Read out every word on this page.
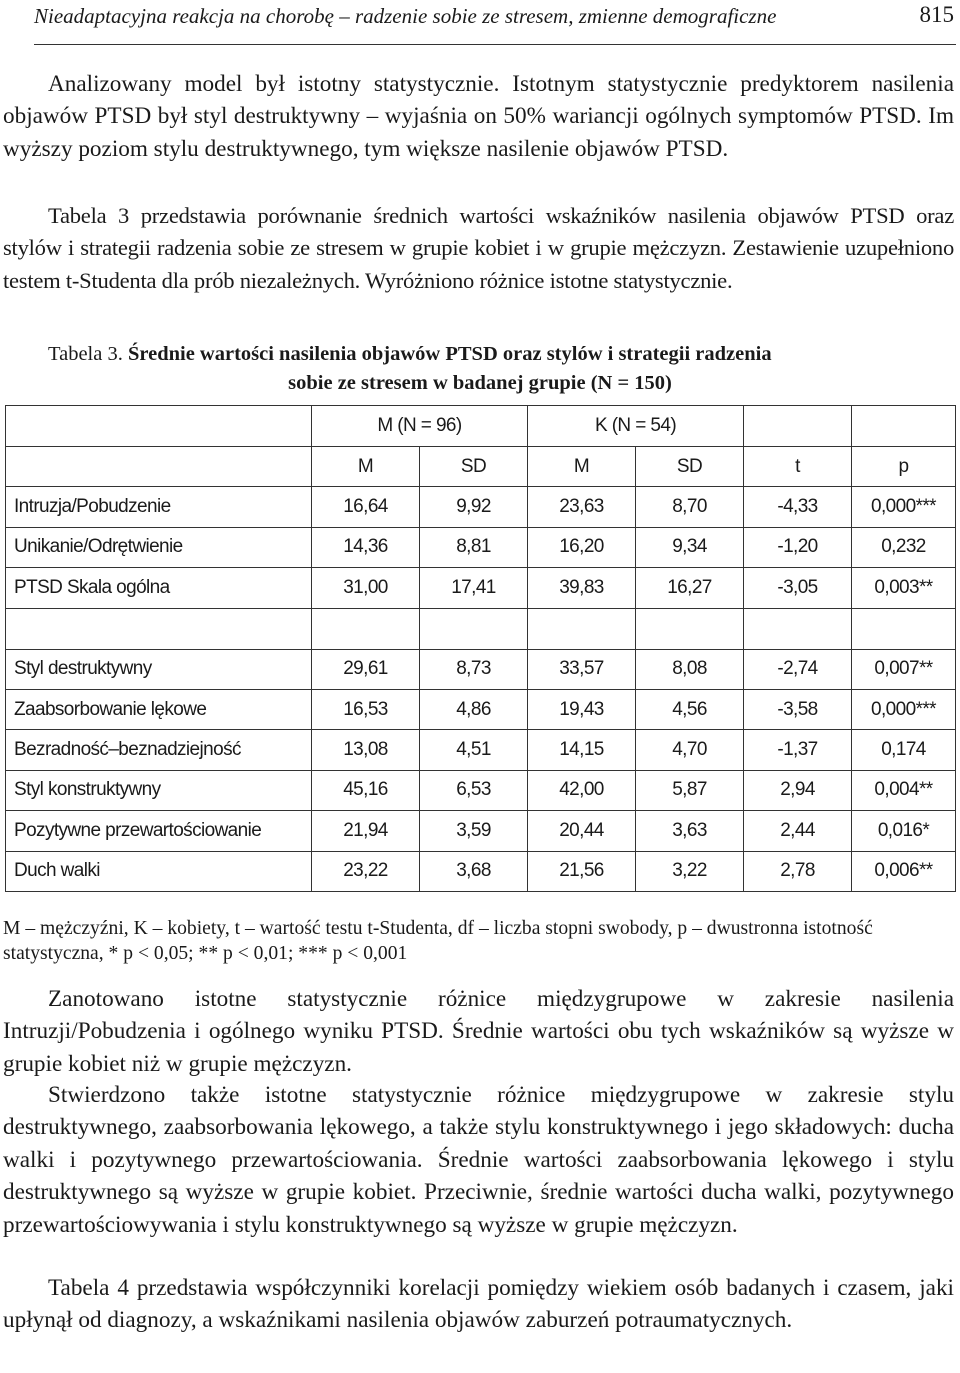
Nieadaptacyjna reakcja na chorobę – radzenie sobie ze stresem, zmienne demograficzne	815

Analizowany model był istotny statystycznie. Istotnym statystycznie predyktorem nasilenia objawów PTSD był styl destruktywny – wyjaśnia on 50% wariancji ogólnych symptomów PTSD. Im wyższy poziom stylu destruktywnego, tym większe nasilenie objawów PTSD.

Tabela 3 przedstawia porównanie średnich wartości wskaźników nasilenia objawów PTSD oraz stylów i strategii radzenia sobie ze stresem w grupie kobiet i w grupie mężczyzn. Zestawienie uzupełniono testem t-Studenta dla prób niezależnych. Wyróżniono różnice istotne statystycznie.

Tabela 3. Średnie wartości nasilenia objawów PTSD oraz stylów i strategii radzenia
sobie ze stresem w badanej grupie (N = 150)
	M (N = 96)		K (N = 54)			
	M	SD	M	SD	t	p
Intruzja/Pobudzenie	16,64	9,92	23,63	8,70	-4,33	0,000***
Unikanie/Odrętwienie	14,36	8,81	16,20	9,34	-1,20	0,232
PTSD Skala ogólna	31,00	17,41	39,83	16,27	-3,05	0,003**

Styl destruktywny	29,61	8,73	33,57	8,08	-2,74	0,007**
Zaabsorbowanie lękowe	16,53	4,86	19,43	4,56	-3,58	0,000***
Bezradność–beznadziejność	13,08	4,51	14,15	4,70	-1,37	0,174
Styl konstruktywny	45,16	6,53	42,00	5,87	2,94	0,004**
Pozytywne przewartościowanie	21,94	3,59	20,44	3,63	2,44	0,016*
Duch walki	23,22	3,68	21,56	3,22	2,78	0,006**

M – mężczyźni, K – kobiety, t – wartość testu t-Studenta, df – liczba stopni swobody, p – dwustronna istotność statystyczna, * p < 0,05; ** p < 0,01; *** p < 0,001

Zanotowano istotne statystycznie różnice międzygrupowe w zakresie nasilenia Intruzji/Pobudzenia i ogólnego wyniku PTSD. Średnie wartości obu tych wskaźników są wyższe w grupie kobiet niż w grupie mężczyzn.

Stwierdzono także istotne statystycznie różnice międzygrupowe w zakresie stylu destruktywnego, zaabsorbowania lękowego, a także stylu konstruktywnego i jego składowych: ducha walki i pozytywnego przewartościowania. Średnie wartości zaabsorbowania lękowego i stylu destruktywnego są wyższe w grupie kobiet. Przeciwnie, średnie wartości ducha walki, pozytywnego przewartościowywania i stylu konstruktywnego są wyższe w grupie mężczyzn.

Tabela 4 przedstawia współczynniki korelacji pomiędzy wiekiem osób badanych i czasem, jaki upłynął od diagnozy, a wskaźnikami nasilenia objawów zaburzeń potraumatycznych.
